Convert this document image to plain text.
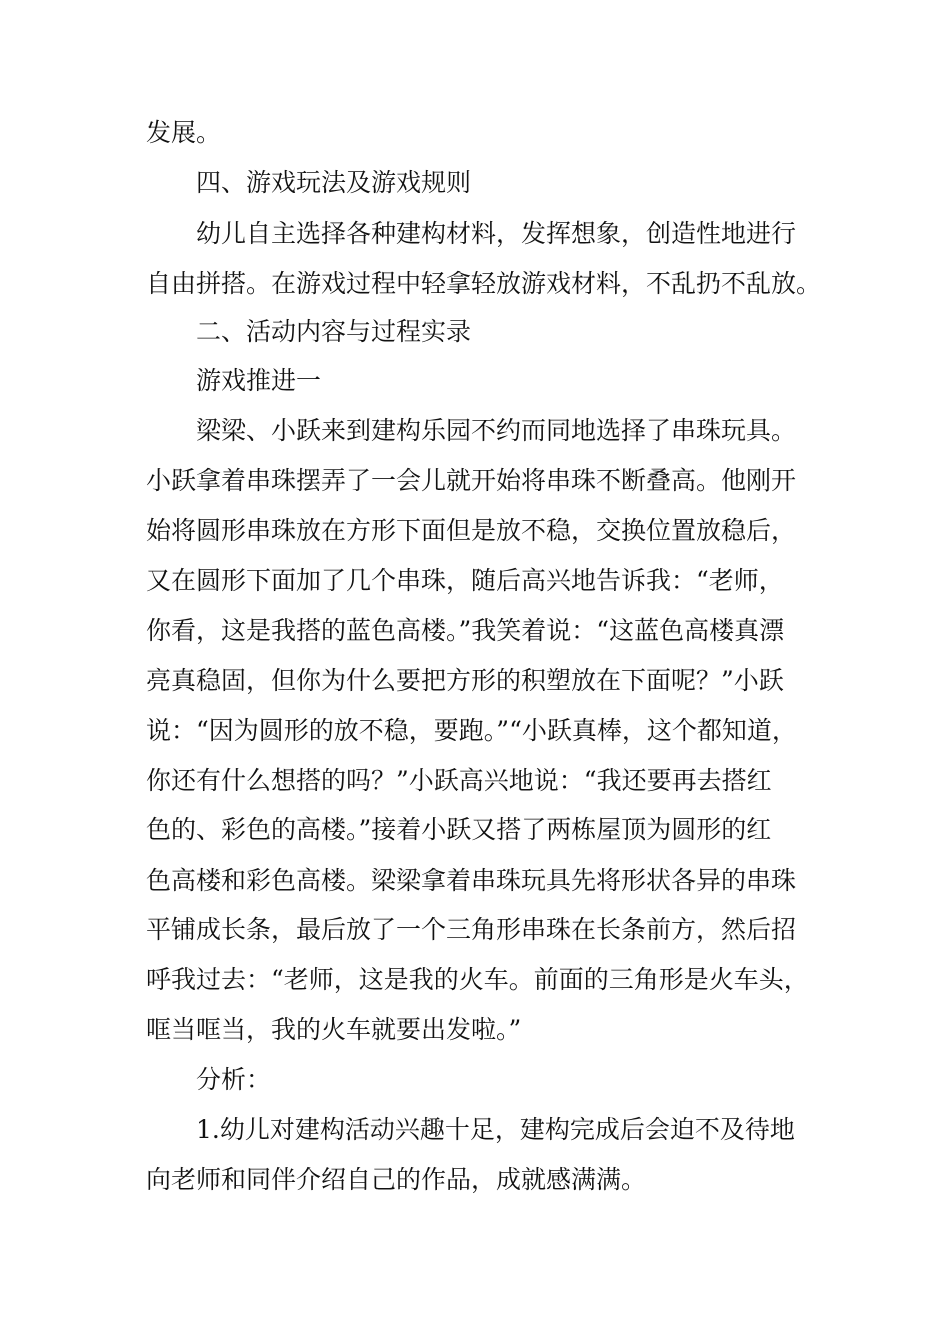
发展。
四、游戏玩法及游戏规则
幼儿自主选择各种建构材料，发挥想象，创造性地进行
自由拼搭。在游戏过程中轻拿轻放游戏材料，不乱扔不乱放。
二、活动内容与过程实录
游戏推进一
梁梁、小跃来到建构乐园不约而同地选择了串珠玩具。
小跃拿着串珠摆弄了一会儿就开始将串珠不断叠高。他刚开
始将圆形串珠放在方形下面但是放不稳，交换位置放稳后，
又在圆形下面加了几个串珠，随后高兴地告诉我：“老师，
你看，这是我搭的蓝色高楼。”我笑着说：“这蓝色高楼真漂
亮真稳固，但你为什么要把方形的积塑放在下面呢？”小跃
说：“因为圆形的放不稳，要跑。”“小跃真棒，这个都知道，
你还有什么想搭的吗？”小跃高兴地说：“我还要再去搭红
色的、彩色的高楼。”接着小跃又搭了两栋屋顶为圆形的红
色高楼和彩色高楼。梁梁拿着串珠玩具先将形状各异的串珠
平铺成长条，最后放了一个三角形串珠在长条前方，然后招
呼我过去：“老师，这是我的火车。前面的三角形是火车头，
哐当哐当，我的火车就要出发啦。”
分析：
1.幼儿对建构活动兴趣十足，建构完成后会迫不及待地
向老师和同伴介绍自己的作品，成就感满满。
